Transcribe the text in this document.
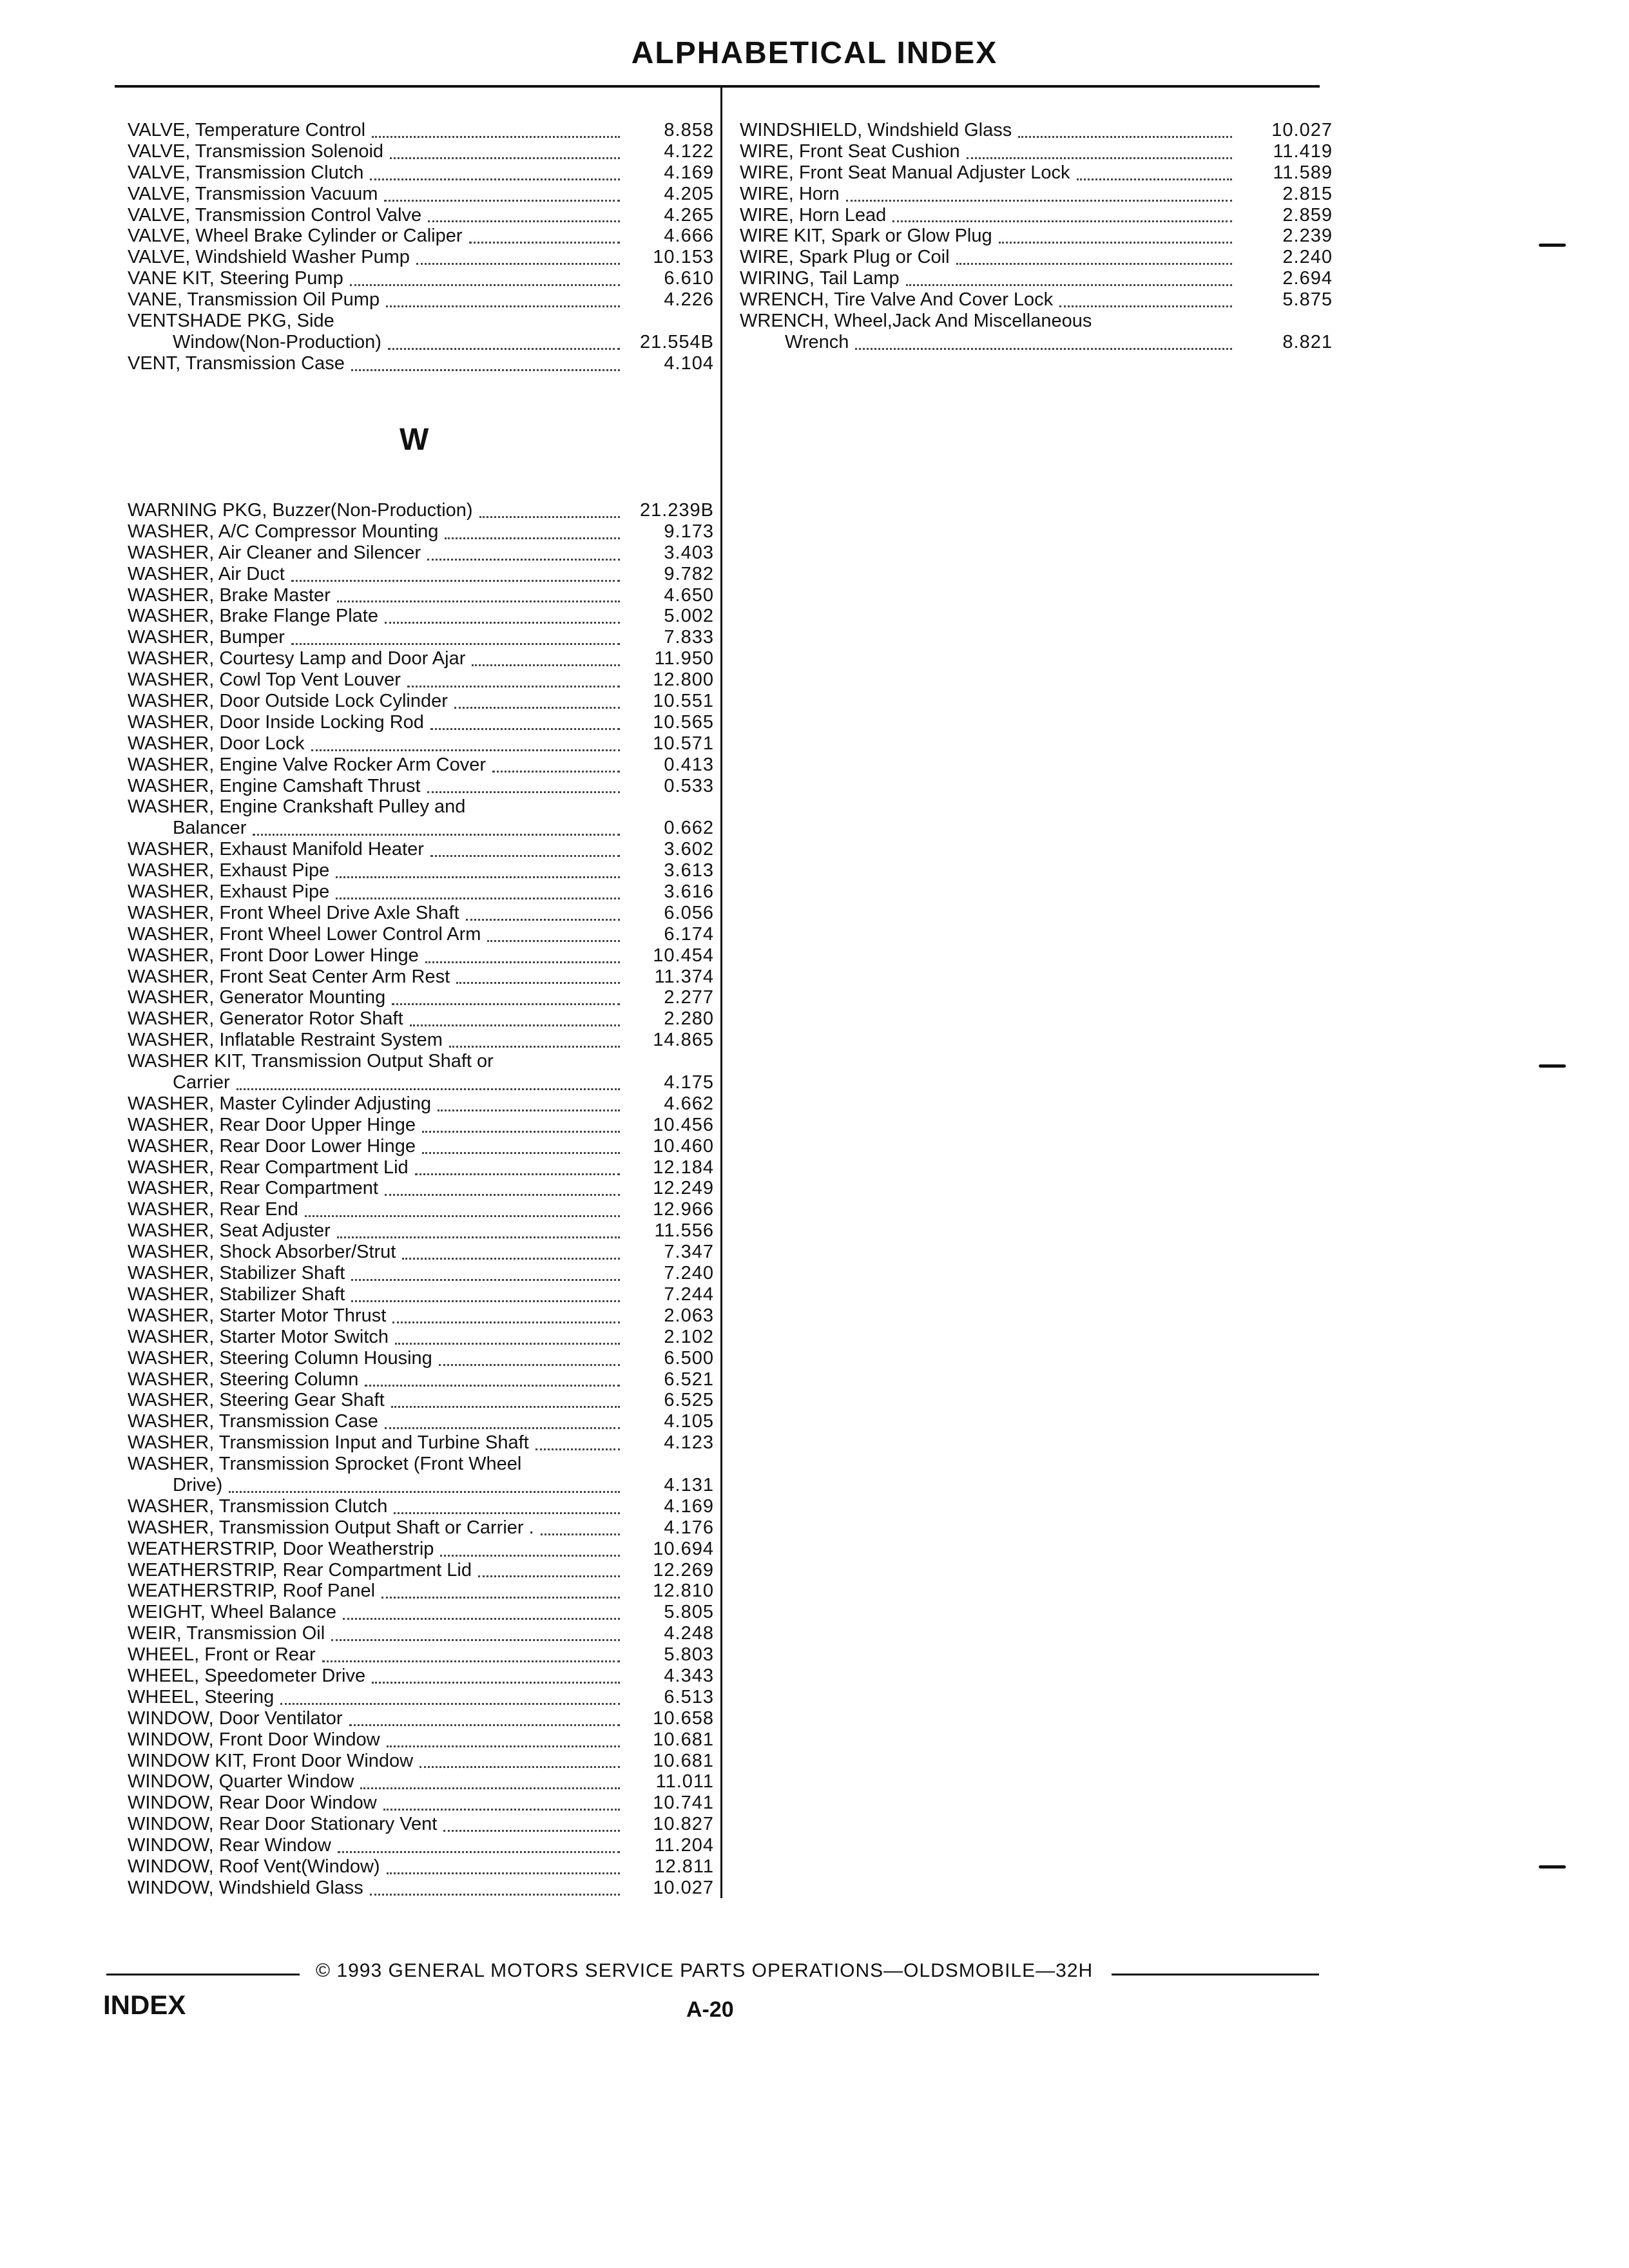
ALPHABETICAL INDEX
VALVE, Temperature Control	8.858
VALVE, Transmission Solenoid	4.122
VALVE, Transmission Clutch	4.169
VALVE, Transmission Vacuum	4.205
VALVE, Transmission Control Valve	4.265
VALVE, Wheel Brake Cylinder or Caliper	4.666
VALVE, Windshield Washer Pump	10.153
VANE KIT, Steering Pump	6.610
VANE, Transmission Oil Pump	4.226
VENTSHADE PKG, Side
Window(Non-Production)	21.554B
VENT, Transmission Case	4.104
W
WARNING PKG, Buzzer(Non-Production)	21.239B
WASHER, A/C Compressor Mounting	9.173
WASHER, Air Cleaner and Silencer	3.403
WASHER, Air Duct	9.782
WASHER, Brake Master	4.650
WASHER, Brake Flange Plate	5.002
WASHER, Bumper	7.833
WASHER, Courtesy Lamp and Door Ajar	11.950
WASHER, Cowl Top Vent Louver	12.800
WASHER, Door Outside Lock Cylinder	10.551
WASHER, Door Inside Locking Rod	10.565
WASHER, Door Lock	10.571
WASHER, Engine Valve Rocker Arm Cover	0.413
WASHER, Engine Camshaft Thrust	0.533
WASHER, Engine Crankshaft Pulley and
Balancer	0.662
WASHER, Exhaust Manifold Heater	3.602
WASHER, Exhaust Pipe	3.613
WASHER, Exhaust Pipe	3.616
WASHER, Front Wheel Drive Axle Shaft	6.056
WASHER, Front Wheel Lower Control Arm	6.174
WASHER, Front Door Lower Hinge	10.454
WASHER, Front Seat Center Arm Rest	11.374
WASHER, Generator Mounting	2.277
WASHER, Generator Rotor Shaft	2.280
WASHER, Inflatable Restraint System	14.865
WASHER KIT, Transmission Output Shaft or
Carrier	4.175
WASHER, Master Cylinder Adjusting	4.662
WASHER, Rear Door Upper Hinge	10.456
WASHER, Rear Door Lower Hinge	10.460
WASHER, Rear Compartment Lid	12.184
WASHER, Rear Compartment	12.249
WASHER, Rear End	12.966
WASHER, Seat Adjuster	11.556
WASHER, Shock Absorber/Strut	7.347
WASHER, Stabilizer Shaft	7.240
WASHER, Stabilizer Shaft	7.244
WASHER, Starter Motor Thrust	2.063
WASHER, Starter Motor Switch	2.102
WASHER, Steering Column Housing	6.500
WASHER, Steering Column	6.521
WASHER, Steering Gear Shaft	6.525
WASHER, Transmission Case	4.105
WASHER, Transmission Input and Turbine Shaft	4.123
WASHER, Transmission Sprocket (Front Wheel
Drive)	4.131
WASHER, Transmission Clutch	4.169
WASHER, Transmission Output Shaft or Carrier .	4.176
WEATHERSTRIP, Door Weatherstrip	10.694
WEATHERSTRIP, Rear Compartment Lid	12.269
WEATHERSTRIP, Roof Panel	12.810
WEIGHT, Wheel Balance	5.805
WEIR, Transmission Oil	4.248
WHEEL, Front or Rear	5.803
WHEEL, Speedometer Drive	4.343
WHEEL, Steering	6.513
WINDOW, Door Ventilator	10.658
WINDOW, Front Door Window	10.681
WINDOW KIT, Front Door Window	10.681
WINDOW, Quarter Window	11.011
WINDOW, Rear Door Window	10.741
WINDOW, Rear Door Stationary Vent	10.827
WINDOW, Rear Window	11.204
WINDOW, Roof Vent(Window)	12.811
WINDOW, Windshield Glass	10.027
WINDSHIELD, Windshield Glass	10.027
WIRE, Front Seat Cushion	11.419
WIRE, Front Seat Manual Adjuster Lock	11.589
WIRE, Horn	2.815
WIRE, Horn Lead	2.859
WIRE KIT, Spark or Glow Plug	2.239
WIRE, Spark Plug or Coil	2.240
WIRING, Tail Lamp	2.694
WRENCH, Tire Valve And Cover Lock	5.875
WRENCH, Wheel,Jack And Miscellaneous
Wrench	8.821
© 1993 GENERAL MOTORS SERVICE PARTS OPERATIONS—OLDSMOBILE—32H
INDEX	A-20
